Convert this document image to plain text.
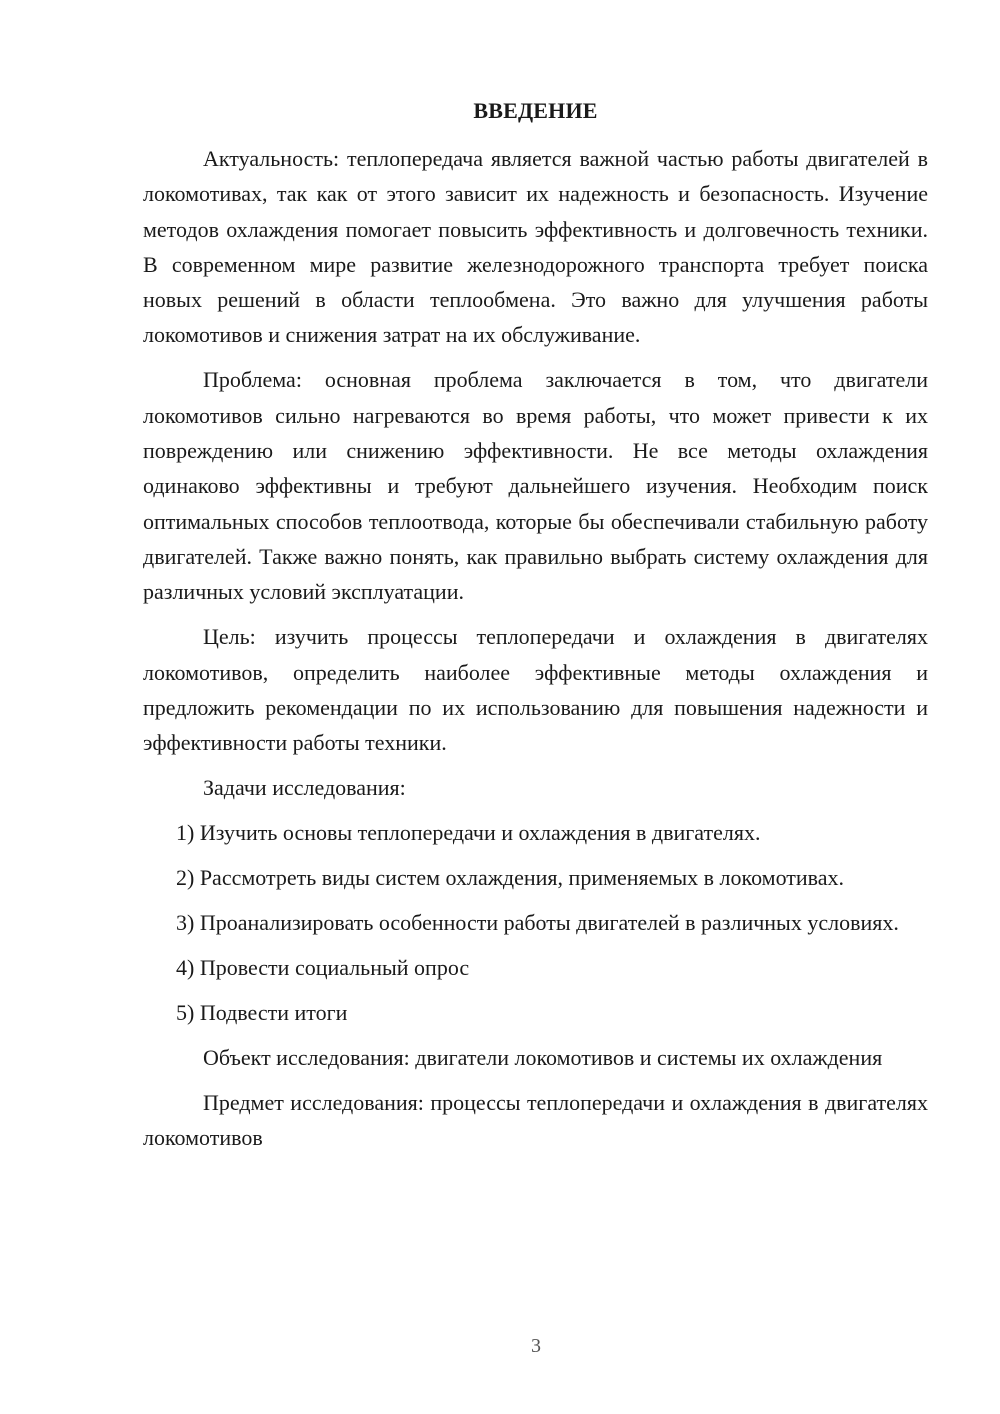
ВВЕДЕНИЕ

Актуальность: теплопередача является важной частью работы двигателей в локомотивах, так как от этого зависит их надежность и безопасность. Изучение методов охлаждения помогает повысить эффективность и долговечность техники. В современном мире развитие железнодорожного транспорта требует поиска новых решений в области теплообмена. Это важно для улучшения работы локомотивов и снижения затрат на их обслуживание.

Проблема: основная проблема заключается в том, что двигатели локомотивов сильно нагреваются во время работы, что может привести к их повреждению или снижению эффективности. Не все методы охлаждения одинаково эффективны и требуют дальнейшего изучения. Необходим поиск оптимальных способов теплоотвода, которые бы обеспечивали стабильную работу двигателей. Также важно понять, как правильно выбрать систему охлаждения для различных условий эксплуатации.

Цель: изучить процессы теплопередачи и охлаждения в двигателях локомотивов, определить наиболее эффективные методы охлаждения и предложить рекомендации по их использованию для повышения надежности и эффективности работы техники.

Задачи исследования:

1) Изучить основы теплопередачи и охлаждения в двигателях.

2) Рассмотреть виды систем охлаждения, применяемых в локомотивах.

3) Проанализировать особенности работы двигателей в различных условиях.

4) Провести социальный опрос

5) Подвести итоги

Объект исследования: двигатели локомотивов и системы их охлаждения

Предмет исследования: процессы теплопередачи и охлаждения в двигателях локомотивов

3
